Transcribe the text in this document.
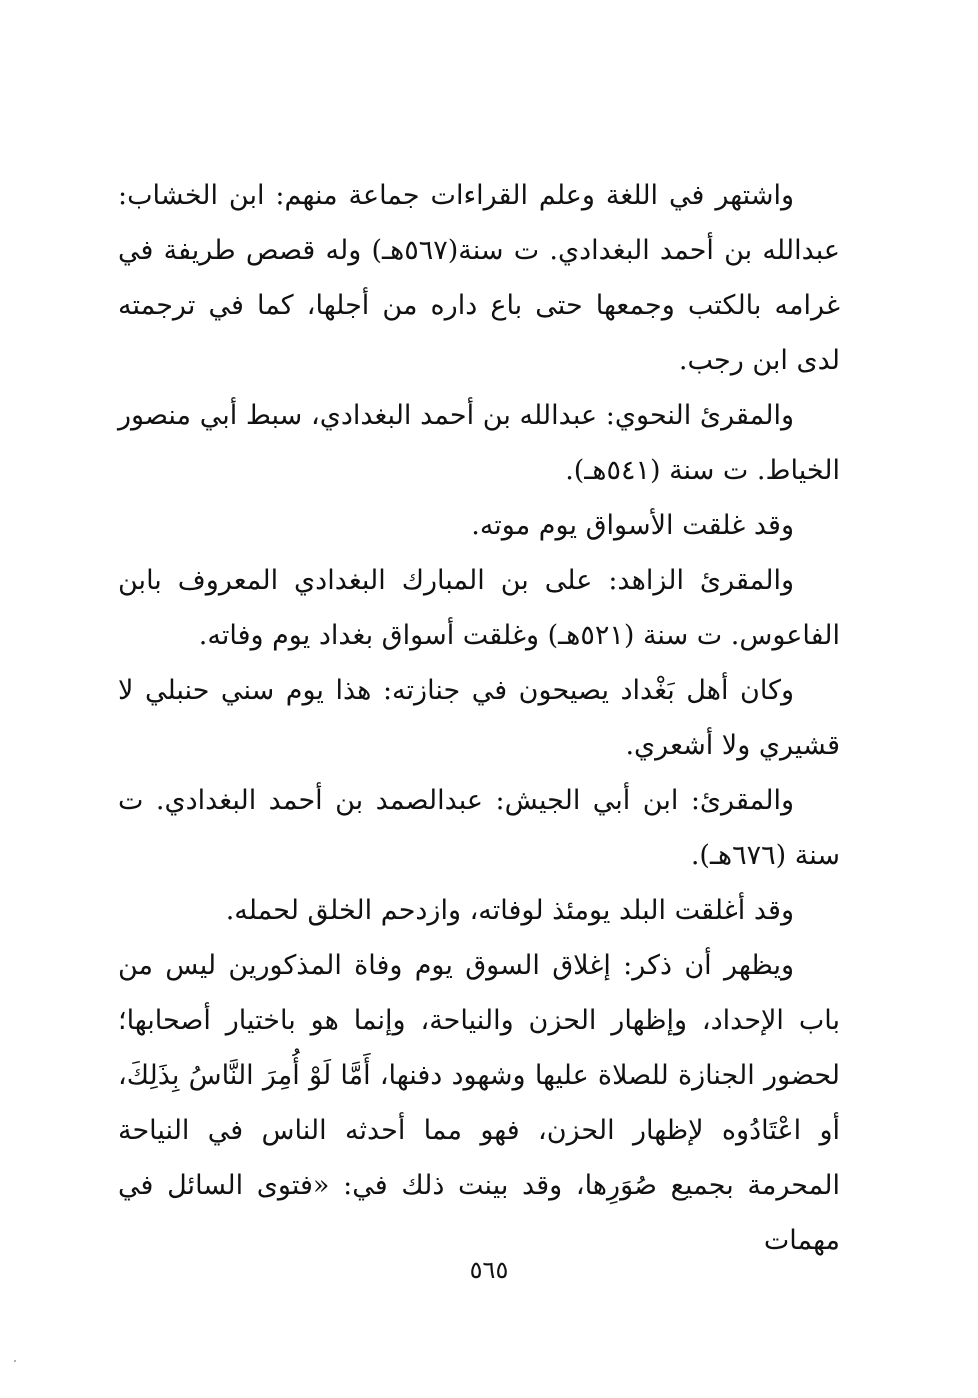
واشتهر في اللغة وعلم القراءات جماعة منهم: ابن الخشاب: عبدالله بن أحمد البغدادي. ت سنة(٥٦٧هـ) وله قصص طريفة في غرامه بالكتب وجمعها حتى باع داره من أجلها، كما في ترجمته لدى ابن رجب.

والمقرئ النحوي: عبدالله بن أحمد البغدادي، سبط أبي منصور الخياط. ت سنة (٥٤١هـ).

وقد غلقت الأسواق يوم موته.

والمقرئ الزاهد: على بن المبارك البغدادي المعروف بابن الفاعوس. ت سنة (٥٢١هـ) وغلقت أسواق بغداد يوم وفاته.

وكان أهل بَغْداد يصيحون في جنازته: هذا يوم سني حنبلي لا قشيري ولا أشعري.

والمقرئ: ابن أبي الجيش: عبدالصمد بن أحمد البغدادي. ت سنة (٦٧٦هـ).

وقد أغلقت البلد يومئذ لوفاته، وازدحم الخلق لحمله.

ويظهر أن ذكر: إغلاق السوق يوم وفاة المذكورين ليس من باب الإحداد، وإظهار الحزن والنياحة، وإنما هو باختيار أصحابها؛ لحضور الجنازة للصلاة عليها وشهود دفنها، أَمَّا لَوْ أُمِرَ النَّاسُ بِذَلِكَ، أو اعْتَادُوه لإظهار الحزن، فهو مما أحدثه الناس في النياحة المحرمة بجميع صُوَرِها، وقد بينت ذلك في: «فتوى السائل في مهمات

٥٦٥
